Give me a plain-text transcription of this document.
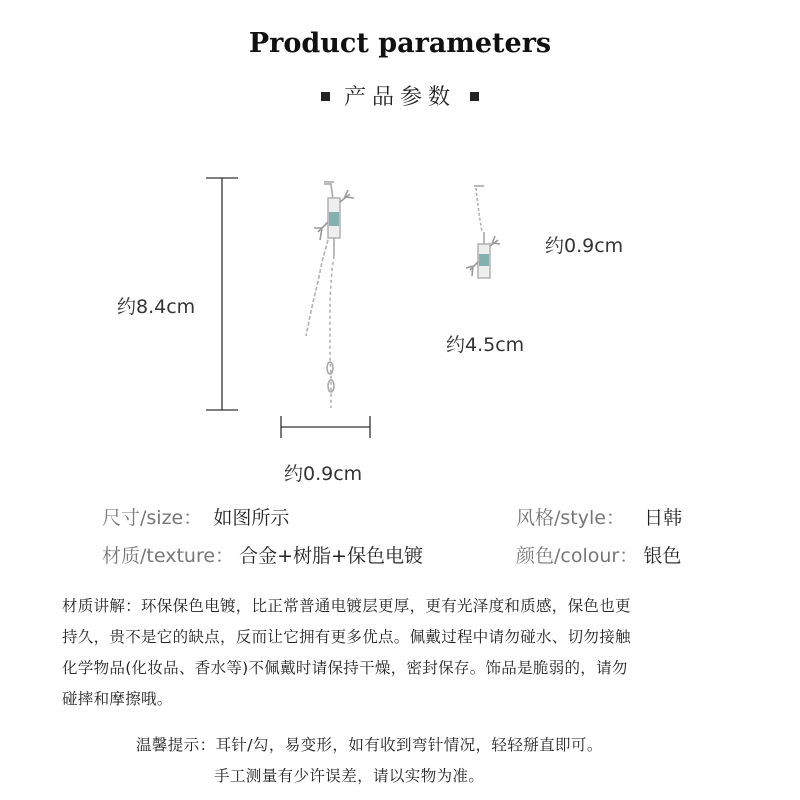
Product parameters
产品参数
约8.4cm
约0.9cm
约4.5cm
约0.9cm
尺寸/size： 如图所示	风格/style： 日韩
材质/texture： 合金+树脂+保色电镀	颜色/colour： 银色
材质讲解：环保保色电镀，比正常普通电镀层更厚，更有光泽度和质感，保色也更
持久，贵不是它的缺点，反而让它拥有更多优点。佩戴过程中请勿碰水、切勿接触
化学物品(化妆品、香水等)不佩戴时请保持干燥，密封保存。饰品是脆弱的，请勿
碰摔和摩擦哦。
温馨提示：耳针/勾，易变形，如有收到弯针情况，轻轻掰直即可。
手工测量有少许误差，请以实物为准。
